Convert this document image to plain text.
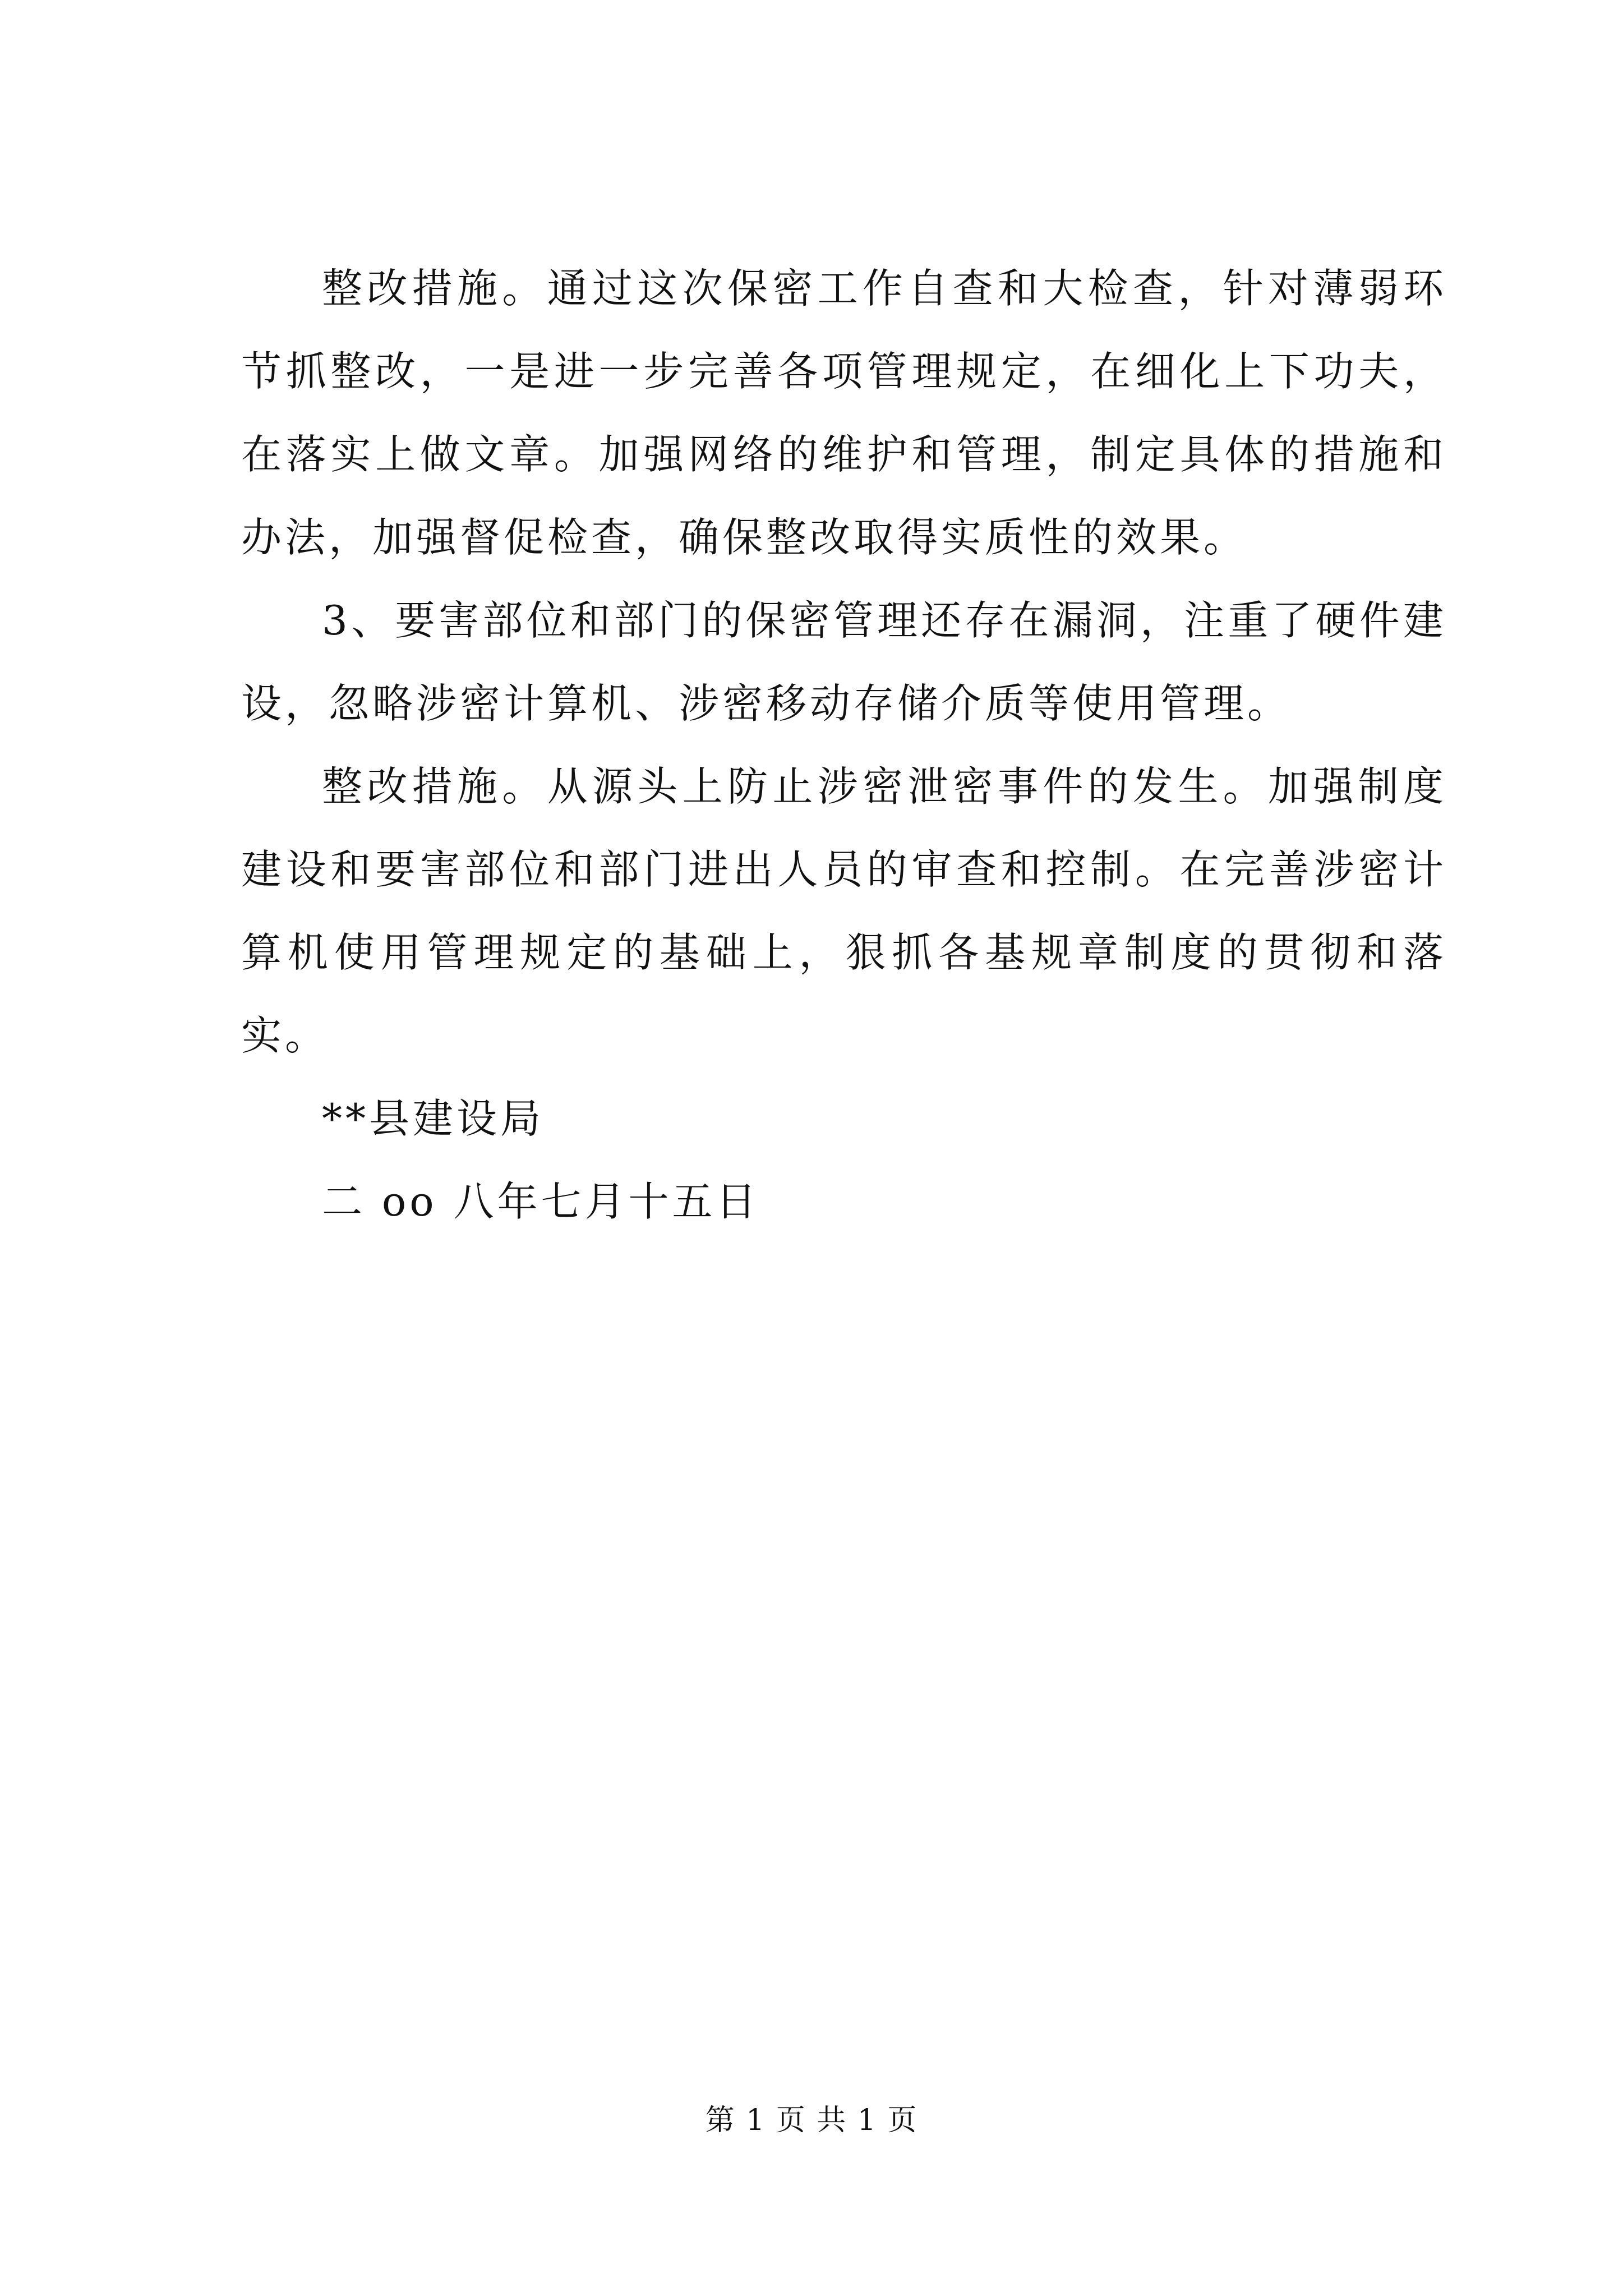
整改措施。通过这次保密工作自查和大检查，针对薄弱环节抓整改，一是进一步完善各项管理规定，在细化上下功夫，在落实上做文章。加强网络的维护和管理，制定具体的措施和办法，加强督促检查，确保整改取得实质性的效果。

3、要害部位和部门的保密管理还存在漏洞，注重了硬件建设，忽略涉密计算机、涉密移动存储介质等使用管理。

整改措施。从源头上防止涉密泄密事件的发生。加强制度建设和要害部位和部门进出人员的审查和控制。在完善涉密计算机使用管理规定的基础上，狠抓各基规章制度的贯彻和落实。

**县建设局

二 oo 八年七月十五日

第 1 页 共 1 页
